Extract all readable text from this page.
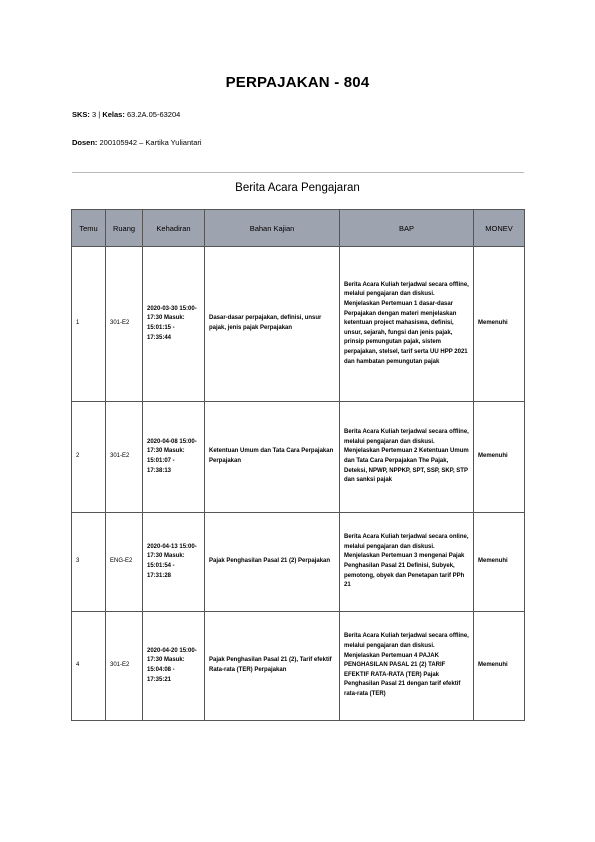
PERPAJAKAN - 804
SKS: 3 | Kelas: 63.2A.05-63204
Dosen: 200105942 – Kartika Yuliantari
Berita Acara Pengajaran
Temu	Ruang	Kehadiran	Bahan Kajian	BAP	MONEV
1	301-E2	2020-03-30 15:00-17:30 Masuk: 15:01:15 - 17:35:44	Dasar-dasar perpajakan, definisi, unsur pajak, jenis pajak Perpajakan	Berita Acara Kuliah terjadwal secara offline, melalui pengajaran dan diskusi. Menjelaskan Pertemuan 1 dasar-dasar Perpajakan dengan materi menjelaskan ketentuan project mahasiswa, definisi, unsur, sejarah, fungsi dan jenis pajak, prinsip pemungutan pajak, sistem perpajakan, stelsel, tarif serta UU HPP 2021 dan hambatan pemungutan pajak	Memenuhi
2	301-E2	2020-04-08 15:00-17:30 Masuk: 15:01:07 - 17:38:13	Ketentuan Umum dan Tata Cara Perpajakan Perpajakan	Berita Acara Kuliah terjadwal secara offline, melalui pengajaran dan diskusi. Menjelaskan Pertemuan 2 Ketentuan Umum dan Tata Cara Perpajakan The Pajak, Deteksi, NPWP, NPPKP, SPT, SSP, SKP, STP dan sanksi pajak	Memenuhi
3	ENG-E2	2020-04-13 15:00-17:30 Masuk: 15:01:54 - 17:31:28	Pajak Penghasilan Pasal 21 (2) Perpajakan	Berita Acara Kuliah terjadwal secara online, melalui pengajaran dan diskusi. Menjelaskan Pertemuan 3 mengenai Pajak Penghasilan Pasal 21 Definisi, Subyek, pemotong, obyek dan Penetapan tarif PPh 21	Memenuhi
4	301-E2	2020-04-20 15:00-17:30 Masuk: 15:04:08 - 17:35:21	Pajak Penghasilan Pasal 21 (2), Tarif efektif Rata-rata (TER) Perpajakan	Berita Acara Kuliah terjadwal secara offline, melalui pengajaran dan diskusi. Menjelaskan Pertemuan 4 PAJAK PENGHASILAN PASAL 21 (2) TARIF EFEKTIF RATA-RATA (TER) Pajak Penghasilan Pasal 21 dengan tarif efektif rata-rata (TER)	Memenuhi
